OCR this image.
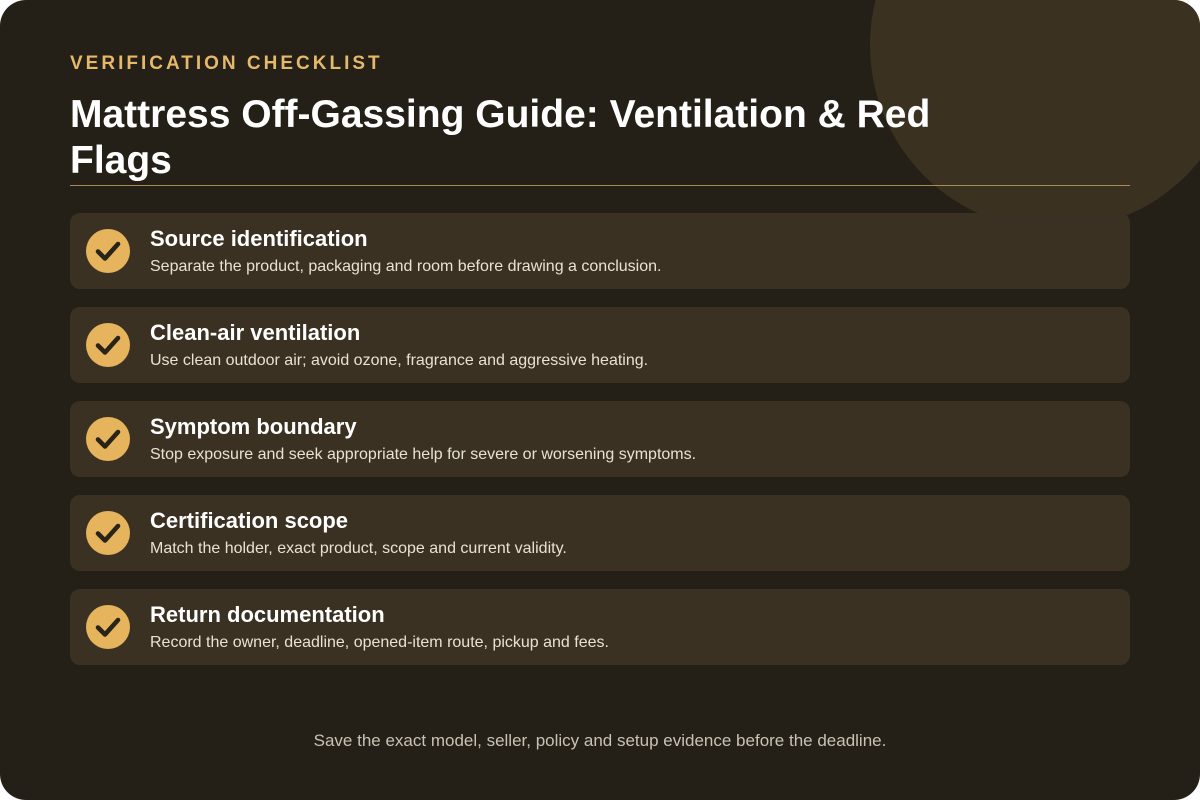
VERIFICATION CHECKLIST
Mattress Off-Gassing Guide: Ventilation & Red Flags
Source identification
Separate the product, packaging and room before drawing a conclusion.
Clean-air ventilation
Use clean outdoor air; avoid ozone, fragrance and aggressive heating.
Symptom boundary
Stop exposure and seek appropriate help for severe or worsening symptoms.
Certification scope
Match the holder, exact product, scope and current validity.
Return documentation
Record the owner, deadline, opened-item route, pickup and fees.
Save the exact model, seller, policy and setup evidence before the deadline.
